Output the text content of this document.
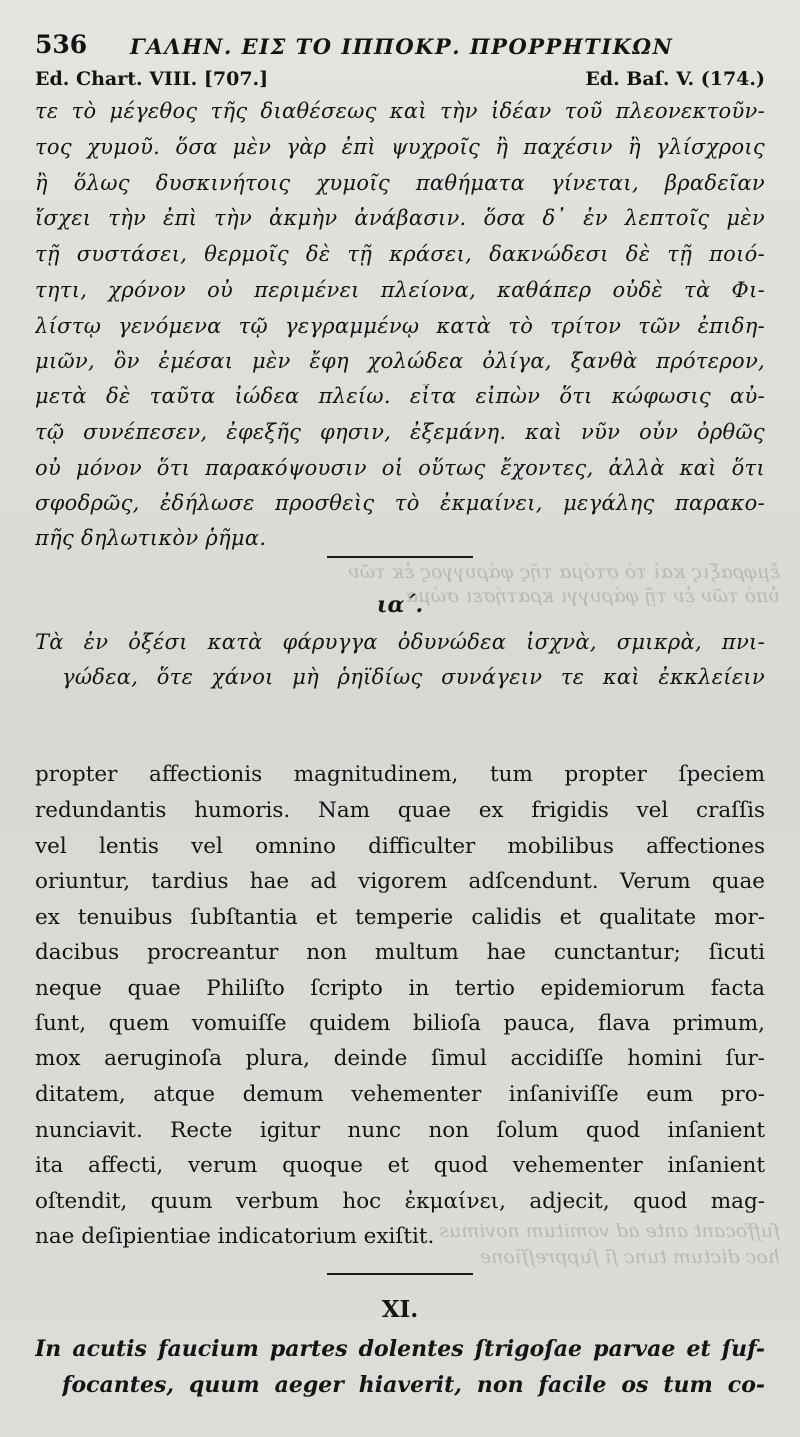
ἔμφραξις καὶ τὸ στόμα τῆς φάρυγγος ἐκ τῶν
ὑπὸ τῶν ἐν τῇ φάρυγγι κρατήσει σώμα
ſuffocant ante ad vomitum novimus
hoc dictum tunc ſi ſuppreſſione
536 ΓΑΛΗΝ. ΕΙΣ ΤΟ ΙΠΠΟΚΡ. ΠΡΟΡΡΗΤΙΚΩΝ
Ed. Chart. VIII. [707.]	Ed. Baſ. V. (174.)
τε τὸ μέγεθος τῆς διαθέσεως καὶ τὴν ἰδέαν τοῦ πλεονεκτοῦν-
τος χυμοῦ. ὅσα μὲν γὰρ ἐπὶ ψυχροῖς ἢ παχέσιν ἢ γλίσχροις
ἢ ὅλως δυσκινήτοις χυμοῖς παθήματα γίνεται, βραδεῖαν
ἴσχει τὴν ἐπὶ τὴν ἀκμὴν ἀνάβασιν. ὅσα δ᾽ ἐν λεπτοῖς μὲν
τῇ συστάσει, θερμοῖς δὲ τῇ κράσει, δακνώδεσι δὲ τῇ ποιό-
τητι, χρόνον οὐ περιμένει πλείονα, καθάπερ οὐδὲ τὰ Φι-
λίστῳ γενόμενα τῷ γεγραμμένῳ κατὰ τὸ τρίτον τῶν ἐπιδη-
μιῶν, ὃν ἐμέσαι μὲν ἔφη χολώδεα ὀλίγα, ξανθὰ πρότερον,
μετὰ δὲ ταῦτα ἰώδεα πλείω. εἶτα εἰπὼν ὅτι κώφωσις αὐ-
τῷ συνέπεσεν, ἐφεξῆς φησιν, ἐξεμάνη. καὶ νῦν οὖν ὀρθῶς
οὐ μόνον ὅτι παρακόψουσιν οἱ οὕτως ἔχοντες, ἀλλὰ καὶ ὅτι
σφοδρῶς, ἐδήλωσε προσθεὶς τὸ ἐκμαίνει, μεγάλης παρακο-
πῆς δηλωτικὸν ῥῆμα.
ια΄.
Τὰ ἐν ὀξέσι κατὰ φάρυγγα ὀδυνώδεα ἰσχνὰ, σμικρὰ, πνι-
γώδεα, ὅτε χάνοι μὴ ῥηϊδίως συνάγειν τε καὶ ἐκκλείειν
propter affectionis magnitudinem, tum propter ſpeciem
redundantis humoris. Nam quae ex frigidis vel craſſis
vel lentis vel omnino difficulter mobilibus affectiones
oriuntur, tardius hae ad vigorem adſcendunt. Verum quae
ex tenuibus ſubſtantia et temperie calidis et qualitate mor-
dacibus procreantur non multum hae cunctantur; ſicuti
neque quae Philiſto ſcripto in tertio epidemiorum facta
ſunt, quem vomuiſſe quidem bilioſa pauca, flava primum,
mox aeruginoſa plura, deinde ſimul accidiſſe homini ſur-
ditatem, atque demum vehementer inſaniviſſe eum pro-
nunciavit. Recte igitur nunc non ſolum quod inſanient
ita affecti, verum quoque et quod vehementer inſanient
oſtendit, quum verbum hoc ἐκμαίνει, adjecit, quod mag-
nae deſipientiae indicatorium exiſtit.
XI.
In acutis faucium partes dolentes ſtrigoſae parvae et ſuf-
focantes, quum aeger hiaverit, non facile os tum co-
